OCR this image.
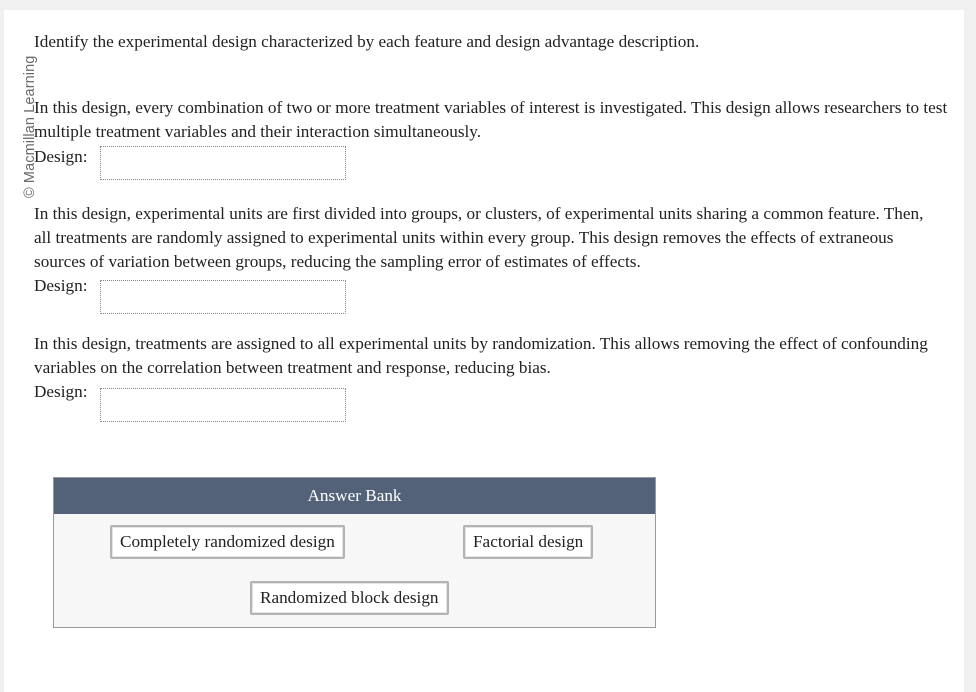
© Macmillan Learning

Identify the experimental design characterized by each feature and design advantage description.

In this design, every combination of two or more treatment variables of interest is investigated. This design allows researchers to test multiple treatment variables and their interaction simultaneously.

Design:

In this design, experimental units are first divided into groups, or clusters, of experimental units sharing a common feature. Then, all treatments are randomly assigned to experimental units within every group. This design removes the effects of extraneous sources of variation between groups, reducing the sampling error of estimates of effects.

Design:

In this design, treatments are assigned to all experimental units by randomization. This allows removing the effect of confounding variables on the correlation between treatment and response, reducing bias.

Design:
Answer Bank
Completely randomized design	Factorial design
Randomized block design
